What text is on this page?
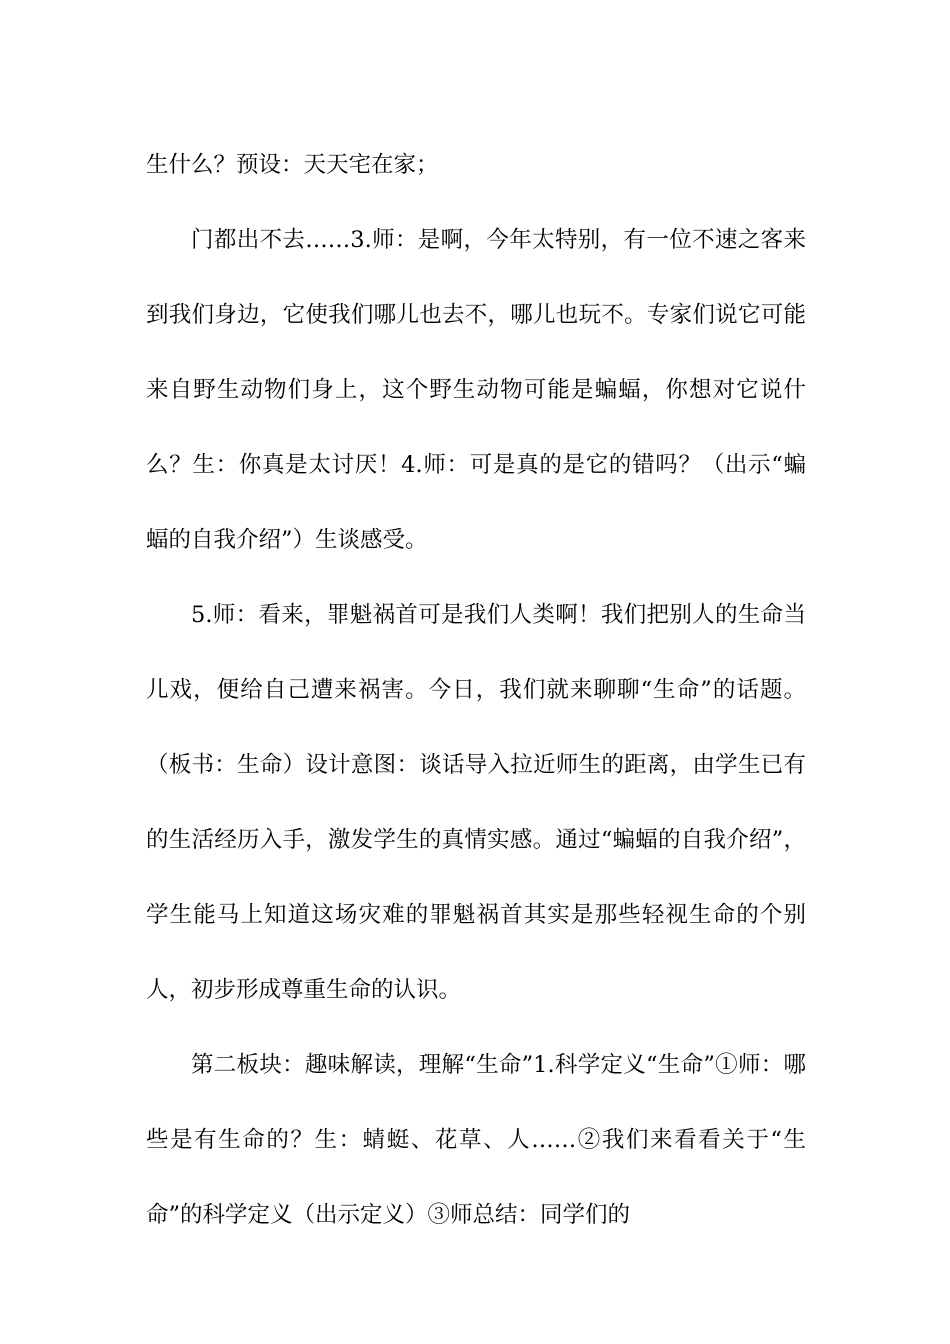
生什么？预设：天天宅在家；

门都出不去……3.师：是啊，今年太特别，有一位不速之客来到我们身边，它使我们哪儿也去不，哪儿也玩不。专家们说它可能来自野生动物们身上，这个野生动物可能是蝙蝠，你想对它说什么？生：你真是太讨厌！4.师：可是真的是它的错吗？（出示“蝙蝠的自我介绍”）生谈感受。

5.师：看来，罪魁祸首可是我们人类啊！我们把别人的生命当儿戏，便给自己遭来祸害。今日，我们就来聊聊“生命”的话题。（板书：生命）设计意图：谈话导入拉近师生的距离，由学生已有的生活经历入手，激发学生的真情实感。通过“蝙蝠的自我介绍”，学生能马上知道这场灾难的罪魁祸首其实是那些轻视生命的个别人，初步形成尊重生命的认识。

第二板块：趣味解读，理解“生命”1.科学定义“生命”①师：哪些是有生命的？生：蜻蜓、花草、人……②我们来看看关于“生命”的科学定义（出示定义）③师总结：同学们的
